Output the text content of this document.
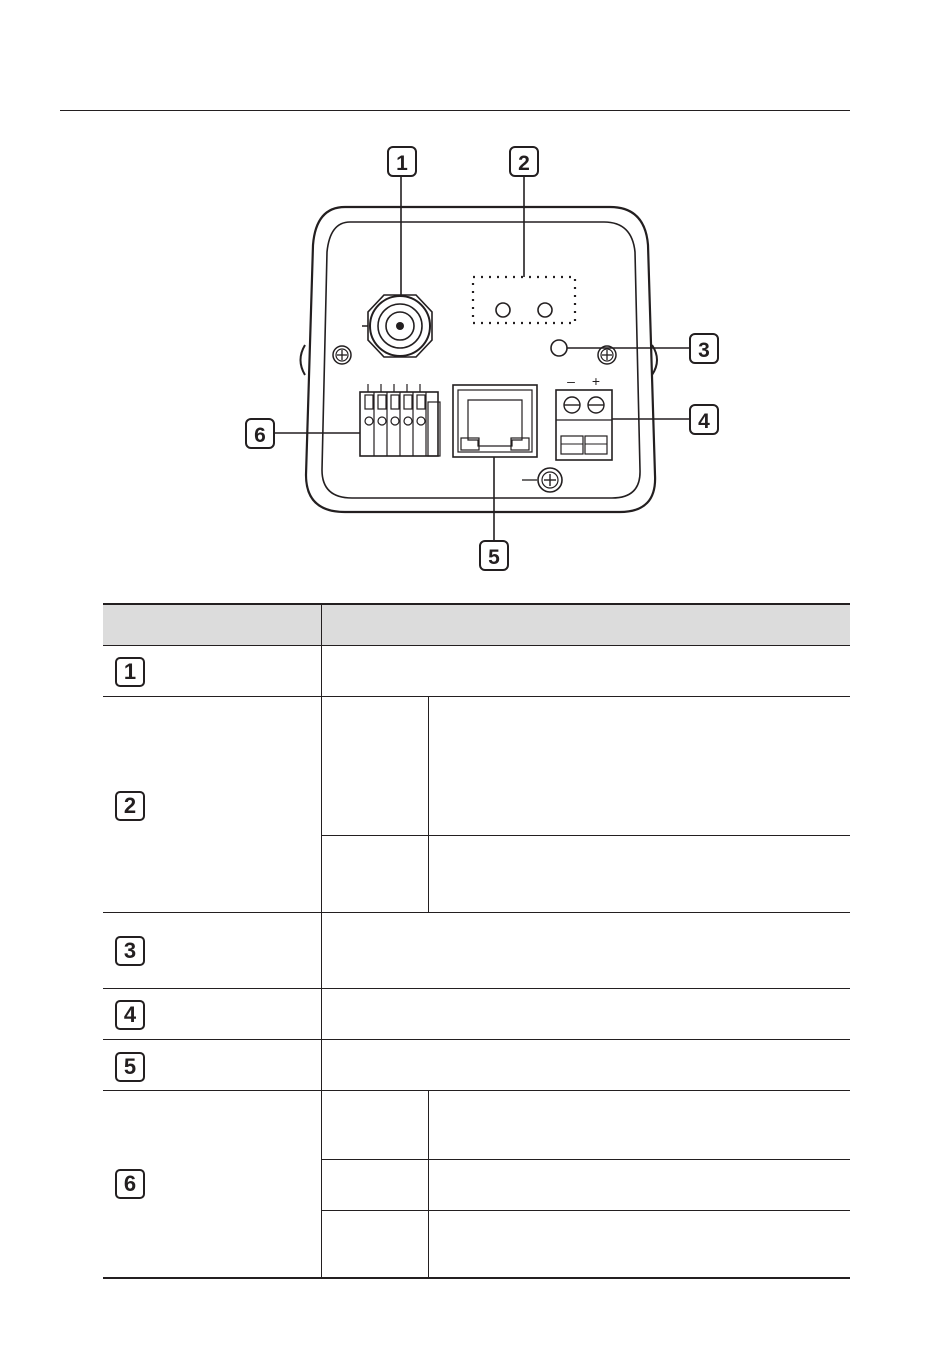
– +
1	2
3
4
5
6
1
2
3
4
5
6
